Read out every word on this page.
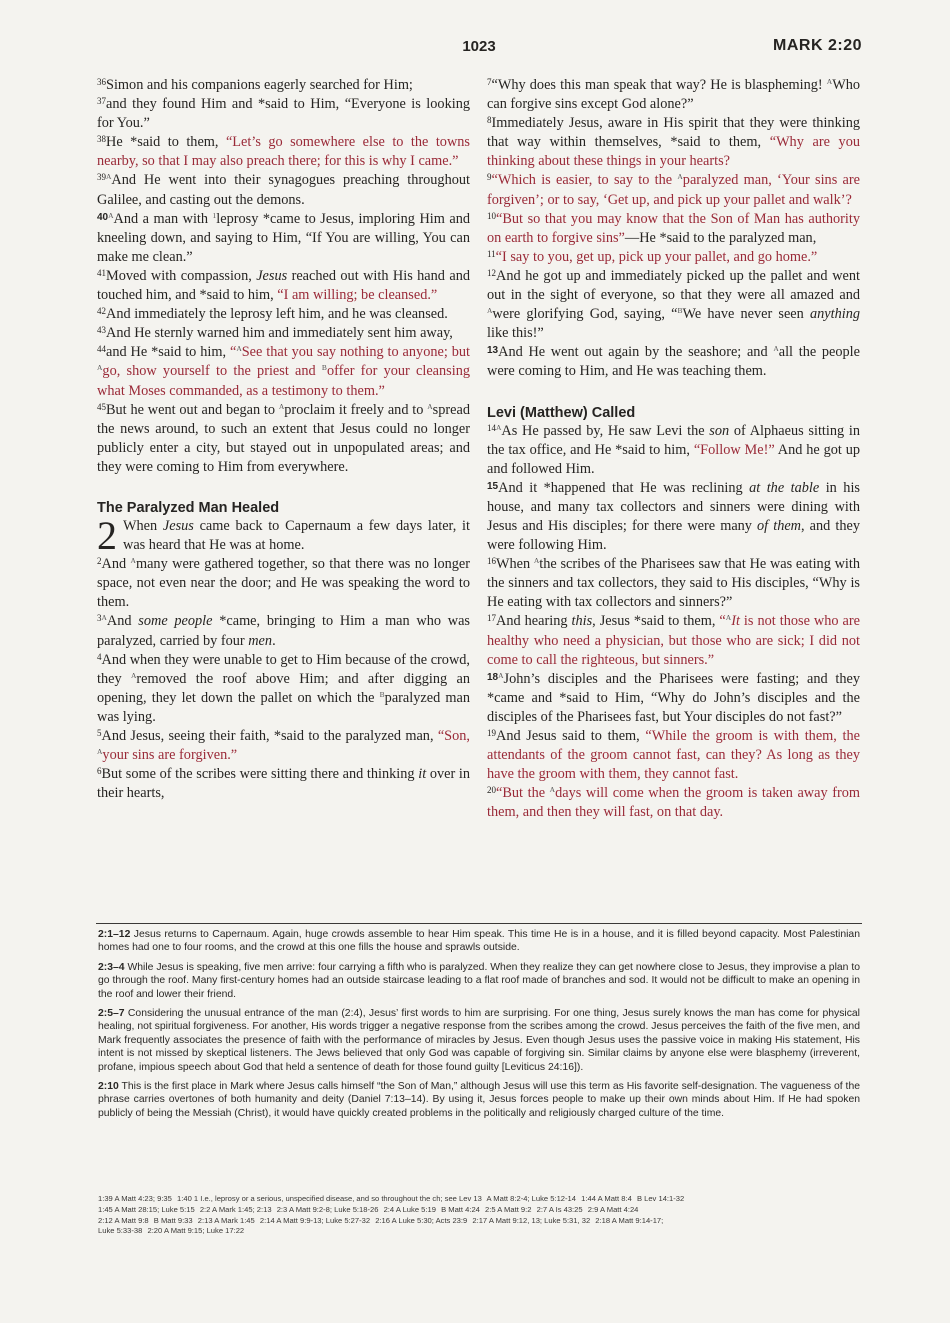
1023	MARK 2:20

$^{36}$Simon and his companions eagerly searched for Him;

$^{37}$and they found Him and *said to Him, “Everyone is looking for You.”

$^{38}$He *said to them, “Let’s go somewhere else to the towns nearby, so that I may also preach there; for this is why I came.”

$^{39A}$And He went into their synagogues preaching throughout Galilee, and casting out the demons.

$^{40A}$And a man with $^1$leprosy *came to Jesus, imploring Him and kneeling down, and saying to Him, “If You are willing, You can make me clean.”

$^{41}$Moved with compassion, Jesus reached out with His hand and touched him, and *said to him, “I am willing; be cleansed.”

$^{42}$And immediately the leprosy left him, and he was cleansed.

$^{43}$And He sternly warned him and immediately sent him away,

$^{44}$and He *said to him, “$^A$See that you say nothing to anyone; but $^A$go, show yourself to the priest and $^B$offer for your cleansing what Moses commanded, as a testimony to them.”

$^{45}$But he went out and began to $^A$proclaim it freely and to $^A$spread the news around, to such an extent that Jesus could no longer publicly enter a city, but stayed out in unpopulated areas; and they were coming to Him from everywhere.

The Paralyzed Man Healed

2 When Jesus came back to Capernaum a few days later, it was heard that He was at home.

$^2$And $^A$many were gathered together, so that there was no longer space, not even near the door; and He was speaking the word to them.

$^{3A}$And some people *came, bringing to Him a man who was paralyzed, carried by four men.

$^4$And when they were unable to get to Him because of the crowd, they $^A$removed the roof above Him; and after digging an opening, they let down the pallet on which the $^B$paralyzed man was lying.

$^5$And Jesus, seeing their faith, *said to the paralyzed man, “Son, $^A$your sins are forgiven.”

$^6$But some of the scribes were sitting there and thinking it over in their hearts,

$^7$“Why does this man speak that way? He is blaspheming! $^A$Who can forgive sins except God alone?”

$^8$Immediately Jesus, aware in His spirit that they were thinking that way within themselves, *said to them, “Why are you thinking about these things in your hearts?

$^9$“Which is easier, to say to the $^A$paralyzed man, ‘Your sins are forgiven’; or to say, ‘Get up, and pick up your pallet and walk’?

$^{10}$“But so that you may know that the Son of Man has authority on earth to forgive sins”—He *said to the paralyzed man,

$^{11}$“I say to you, get up, pick up your pallet, and go home.”

$^{12}$And he got up and immediately picked up the pallet and went out in the sight of everyone, so that they were all amazed and $^A$were glorifying God, saying, “$^B$We have never seen anything like this!”

$^{13}$And He went out again by the seashore; and $^A$all the people were coming to Him, and He was teaching them.

Levi (Matthew) Called

$^{14A}$As He passed by, He saw Levi the son of Alphaeus sitting in the tax office, and He *said to him, “Follow Me!” And he got up and followed Him.

$^{15}$And it *happened that He was reclining at the table in his house, and many tax collectors and sinners were dining with Jesus and His disciples; for there were many of them, and they were following Him.

$^{16}$When $^A$the scribes of the Pharisees saw that He was eating with the sinners and tax collectors, they said to His disciples, “Why is He eating with tax collectors and sinners?”

$^{17}$And hearing this, Jesus *said to them, “$^A$It is not those who are healthy who need a physician, but those who are sick; I did not come to call the righteous, but sinners.”

$^{18A}$John’s disciples and the Pharisees were fasting; and they *came and *said to Him, “Why do John’s disciples and the disciples of the Pharisees fast, but Your disciples do not fast?”

$^{19}$And Jesus said to them, “While the groom is with them, the attendants of the groom cannot fast, can they? As long as they have the groom with them, they cannot fast.

$^{20}$“But the $^A$days will come when the groom is taken away from them, and then they will fast, on that day.

2:1–12 Jesus returns to Capernaum. Again, huge crowds assemble to hear Him speak. This time He is in a house, and it is filled beyond capacity. Most Palestinian homes had one to four rooms, and the crowd at this one fills the house and sprawls outside.

2:3–4 While Jesus is speaking, five men arrive: four carrying a fifth who is paralyzed. When they realize they can get nowhere close to Jesus, they improvise a plan to go through the roof. Many first-century homes had an outside staircase leading to a flat roof made of branches and sod. It would not be difficult to make an opening in the roof and lower their friend.

2:5–7 Considering the unusual entrance of the man (2:4), Jesus’ first words to him are surprising. For one thing, Jesus surely knows the man has come for physical healing, not spiritual forgiveness. For another, His words trigger a negative response from the scribes among the crowd. Jesus perceives the faith of the five men, and Mark frequently associates the presence of faith with the performance of miracles by Jesus. Even though Jesus uses the passive voice in making His statement, His intent is not missed by skeptical listeners. The Jews believed that only God was capable of forgiving sin. Similar claims by anyone else were blasphemy (irreverent, profane, impious speech about God that held a sentence of death for those found guilty [Leviticus 24:16]).

2:10 This is the first place in Mark where Jesus calls himself “the Son of Man,” although Jesus will use this term as His favorite self-designation. The vagueness of the phrase carries overtones of both humanity and deity (Daniel 7:13–14). By using it, Jesus forces people to make up their own minds about Him. If He had spoken publicly of being the Messiah (Christ), it would have quickly created problems in the politically and religiously charged culture of the time.

1:39 A Matt 4:23; 9:35 1:40 1 I.e., leprosy or a serious, unspecified disease, and so throughout the ch; see Lev 13 A Matt 8:2-4; Luke 5:12-14 1:44 A Matt 8:4 B Lev 14:1-32
1:45 A Matt 28:15; Luke 5:15 2:2 A Mark 1:45; 2:13 2:3 A Matt 9:2-8; Luke 5:18-26 2:4 A Luke 5:19 B Matt 4:24 2:5 A Matt 9:2 2:7 A Is 43:25 2:9 A Matt 4:24
2:12 A Matt 9:8 B Matt 9:33 2:13 A Mark 1:45 2:14 A Matt 9:9-13; Luke 5:27-32 2:16 A Luke 5:30; Acts 23:9 2:17 A Matt 9:12, 13; Luke 5:31, 32 2:18 A Matt 9:14-17;
Luke 5:33-38 2:20 A Matt 9:15; Luke 17:22
